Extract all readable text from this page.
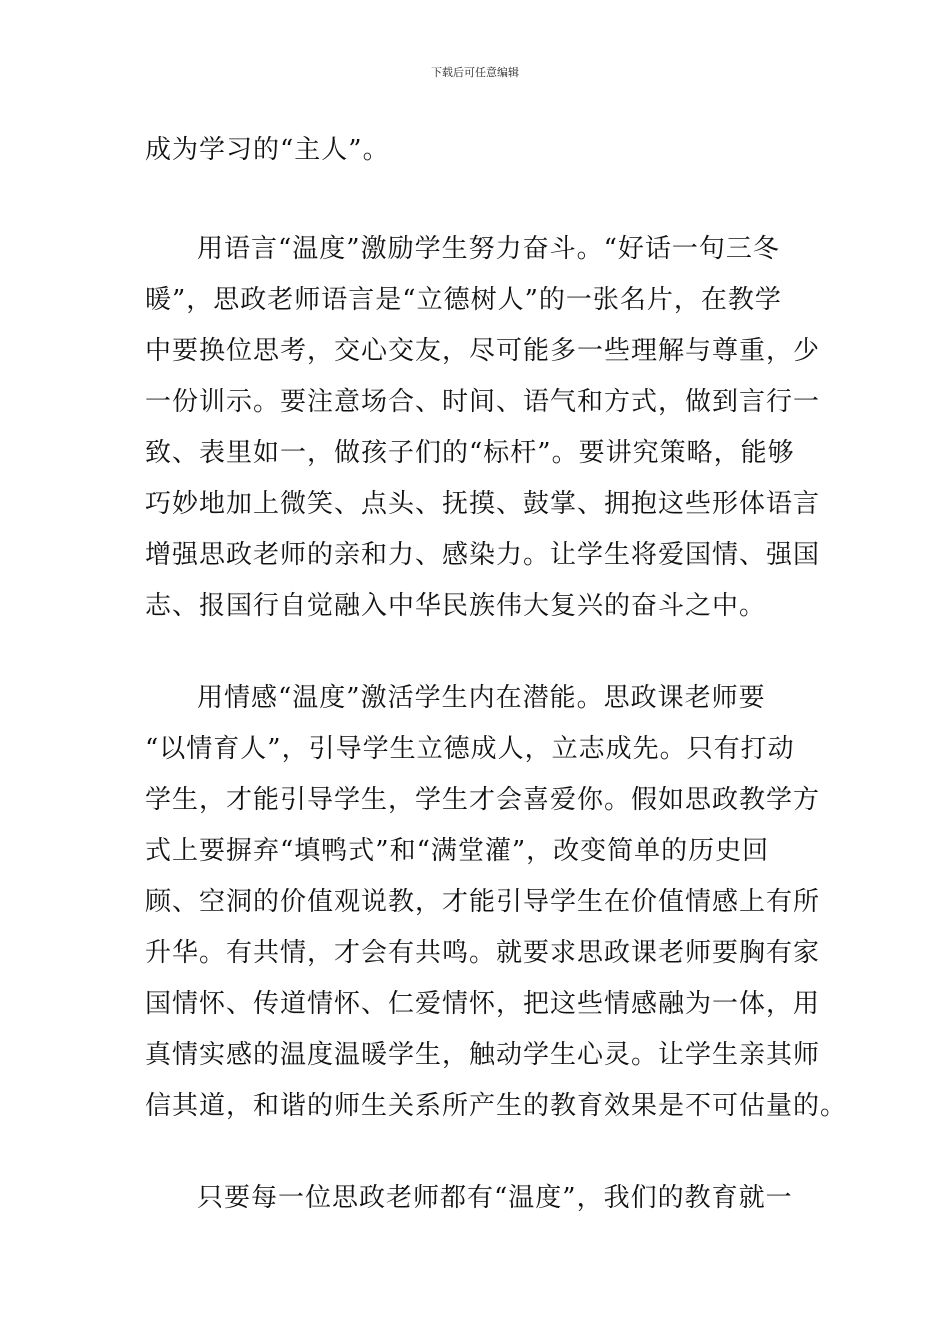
下载后可任意编辑
成为学习的“主人”。
用语言“温度”激励学生努力奋斗。“好话一句三冬
暖”，思政老师语言是“立德树人”的一张名片，在教学
中要换位思考，交心交友，尽可能多一些理解与尊重，少
一份训示。要注意场合、时间、语气和方式，做到言行一
致、表里如一，做孩子们的“标杆”。要讲究策略，能够
巧妙地加上微笑、点头、抚摸、鼓掌、拥抱这些形体语言
增强思政老师的亲和力、感染力。让学生将爱国情、强国
志、报国行自觉融入中华民族伟大复兴的奋斗之中。
用情感“温度”激活学生内在潜能。思政课老师要
“以情育人”，引导学生立德成人，立志成先。只有打动
学生，才能引导学生，学生才会喜爱你。假如思政教学方
式上要摒弃“填鸭式”和“满堂灌”，改变简单的历史回
顾、空洞的价值观说教，才能引导学生在价值情感上有所
升华。有共情，才会有共鸣。就要求思政课老师要胸有家
国情怀、传道情怀、仁爱情怀，把这些情感融为一体，用
真情实感的温度温暖学生，触动学生心灵。让学生亲其师
信其道，和谐的师生关系所产生的教育效果是不可估量的。
只要每一位思政老师都有“温度”，我们的教育就一
